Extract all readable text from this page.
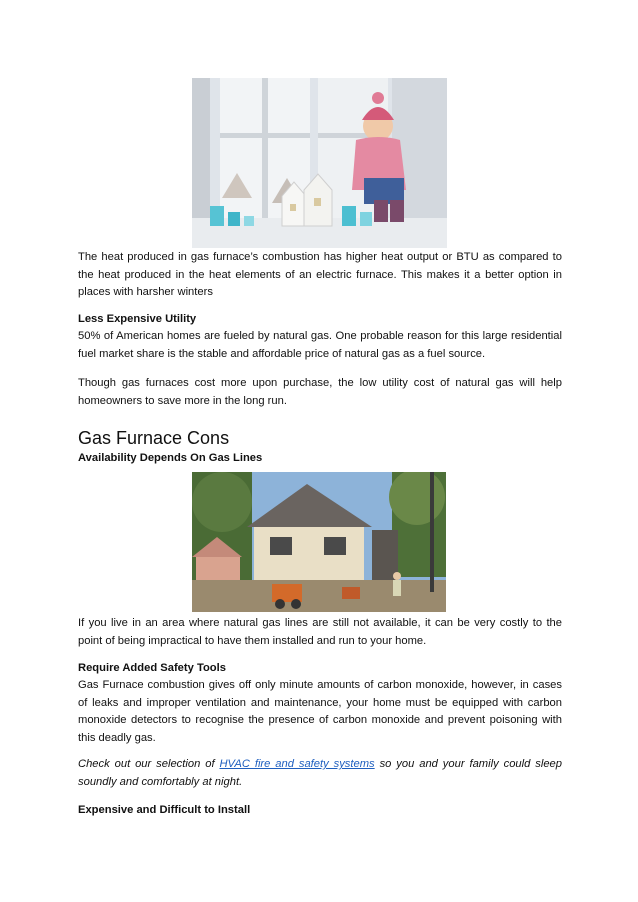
The heat produced in gas furnace’s combustion has higher heat output or BTU as compared to the heat produced in the heat elements of an electric furnace. This makes it a better option in places with harsher winters

Less Expensive Utility

50% of American homes are fueled by natural gas. One probable reason for this large residential fuel market share is the stable and affordable price of natural gas as a fuel source.

Though gas furnaces cost more upon purchase, the low utility cost of natural gas will help homeowners to save more in the long run.

Gas Furnace Cons

Availability Depends On Gas Lines

If you live in an area where natural gas lines are still not available, it can be very costly to the point of being impractical to have them installed and run to your home.

Require Added Safety Tools

Gas Furnace combustion gives off only minute amounts of carbon monoxide, however, in cases of leaks and improper ventilation and maintenance, your home must be equipped with carbon monoxide detectors to recognise the presence of carbon monoxide and prevent poisoning with this deadly gas.

Check out our selection of HVAC fire and safety systems so you and your family could sleep soundly and comfortably at night.

Expensive and Difficult to Install
